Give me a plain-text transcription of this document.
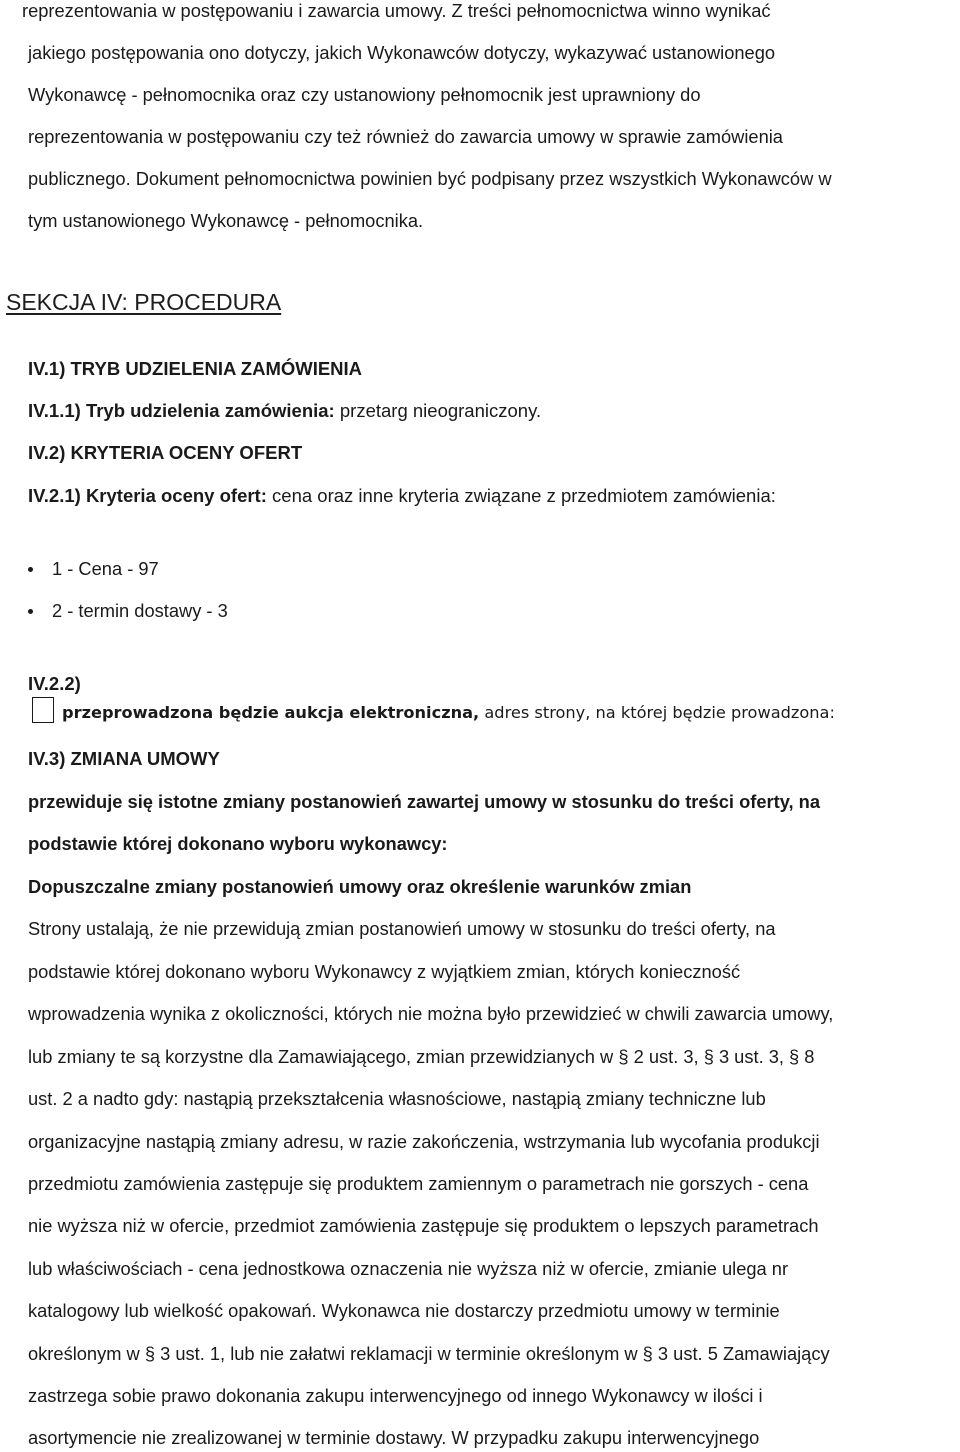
reprezentowania w postępowaniu i zawarcia umowy. Z treści pełnomocnictwa winno wynikać
jakiego postępowania ono dotyczy, jakich Wykonawców dotyczy, wykazywać ustanowionego
Wykonawcę - pełnomocnika oraz czy ustanowiony pełnomocnik jest uprawniony do
reprezentowania w postępowaniu czy też również do zawarcia umowy w sprawie zamówienia
publicznego. Dokument pełnomocnictwa powinien być podpisany przez wszystkich Wykonawców w
tym ustanowionego Wykonawcę - pełnomocnika.
SEKCJA IV: PROCEDURA
IV.1) TRYB UDZIELENIA ZAMÓWIENIA
IV.1.1) Tryb udzielenia zamówienia: przetarg nieograniczony.
IV.2) KRYTERIA OCENY OFERT
IV.2.1) Kryteria oceny ofert: cena oraz inne kryteria związane z przedmiotem zamówienia:
1 - Cena - 97
2 - termin dostawy - 3
IV.2.2)
przeprowadzona będzie aukcja elektroniczna, adres strony, na której będzie prowadzona:
IV.3) ZMIANA UMOWY
przewiduje się istotne zmiany postanowień zawartej umowy w stosunku do treści oferty, na
podstawie której dokonano wyboru wykonawcy:
Dopuszczalne zmiany postanowień umowy oraz określenie warunków zmian
Strony ustalają, że nie przewidują zmian postanowień umowy w stosunku do treści oferty, na
podstawie której dokonano wyboru Wykonawcy z wyjątkiem zmian, których konieczność
wprowadzenia wynika z okoliczności, których nie można było przewidzieć w chwili zawarcia umowy,
lub zmiany te są korzystne dla Zamawiającego, zmian przewidzianych w § 2 ust. 3, § 3 ust. 3, § 8
ust. 2 a nadto gdy: nastąpią przekształcenia własnościowe, nastąpią zmiany techniczne lub
organizacyjne nastąpią zmiany adresu, w razie zakończenia, wstrzymania lub wycofania produkcji
przedmiotu zamówienia zastępuje się produktem zamiennym o parametrach nie gorszych - cena
nie wyższa niż w ofercie, przedmiot zamówienia zastępuje się produktem o lepszych parametrach
lub właściwościach - cena jednostkowa oznaczenia nie wyższa niż w ofercie, zmianie ulega nr
katalogowy lub wielkość opakowań. Wykonawca nie dostarczy przedmiotu umowy w terminie
określonym w § 3 ust. 1, lub nie załatwi reklamacji w terminie określonym w § 3 ust. 5 Zamawiający
zastrzega sobie prawo dokonania zakupu interwencyjnego od innego Wykonawcy w ilości i
asortymencie nie zrealizowanej w terminie dostawy. W przypadku zakupu interwencyjnego
